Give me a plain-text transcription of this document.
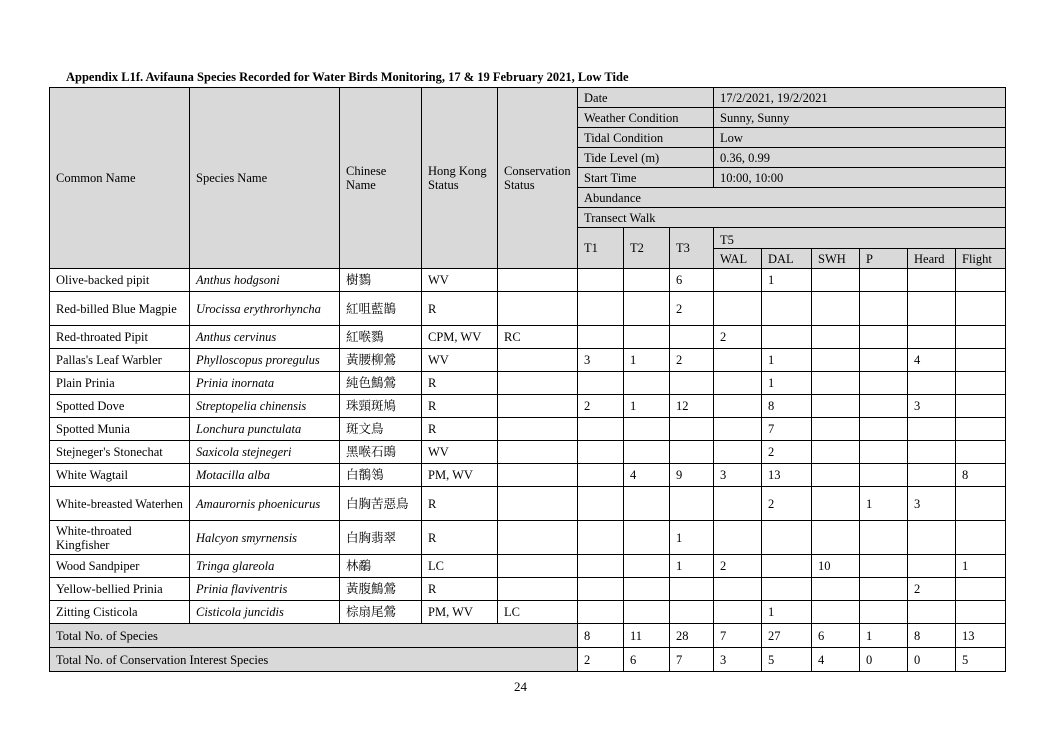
Appendix L1f. Avifauna Species Recorded for Water Birds Monitoring, 17 & 19 February 2021, Low Tide
Common Name	Species Name	Chinese Name	Hong Kong Status	Conservation Status	Date			17/2/2021, 19/2/2021					
					Weather Condition			Sunny, Sunny					
					Tidal Condition			Low					
					Tide Level (m)			0.36, 0.99					
					Start Time			10:00, 10:00					
					Abundance								
					Transect Walk								
					T1	T2	T3	T5					
								WAL	DAL	SWH	P	Heard	Flight
Olive-backed pipit	Anthus hodgsoni	樹鷚	WV				6		1				
Red-billed Blue Magpie	Urocissa erythrorhyncha	紅咀藍鵲	R				2						
Red-throated Pipit	Anthus cervinus	紅喉鷚	CPM, WV	RC				2					
Pallas's Leaf Warbler	Phylloscopus proregulus	黃腰柳鶯	WV		3	1	2		1			4	
Plain Prinia	Prinia inornata	純色鷦鶯	R						1				
Spotted Dove	Streptopelia chinensis	珠頸斑鳩	R		2	1	12		8			3	
Spotted Munia	Lonchura punctulata	斑文鳥	R						7				
Stejneger's Stonechat	Saxicola stejnegeri	黑喉石鵖	WV						2				
White Wagtail	Motacilla alba	白鶺鴒	PM, WV			4	9	3	13				8
White-breasted Waterhen	Amaurornis phoenicurus	白胸苦惡鳥	R						2		1	3	
White-throated Kingfisher	Halcyon smyrnensis	白胸翡翠	R				1						
Wood Sandpiper	Tringa glareola	林鷸	LC				1	2		10			1
Yellow-bellied Prinia	Prinia flaviventris	黃腹鷦鶯	R									2	
Zitting Cisticola	Cisticola juncidis	棕扇尾鶯	PM, WV	LC					1				
Total No. of Species					8	11	28	7	27	6	1	8	13
Total No. of Conservation Interest Species					2	6	7	3	5	4	0	0	5
24
